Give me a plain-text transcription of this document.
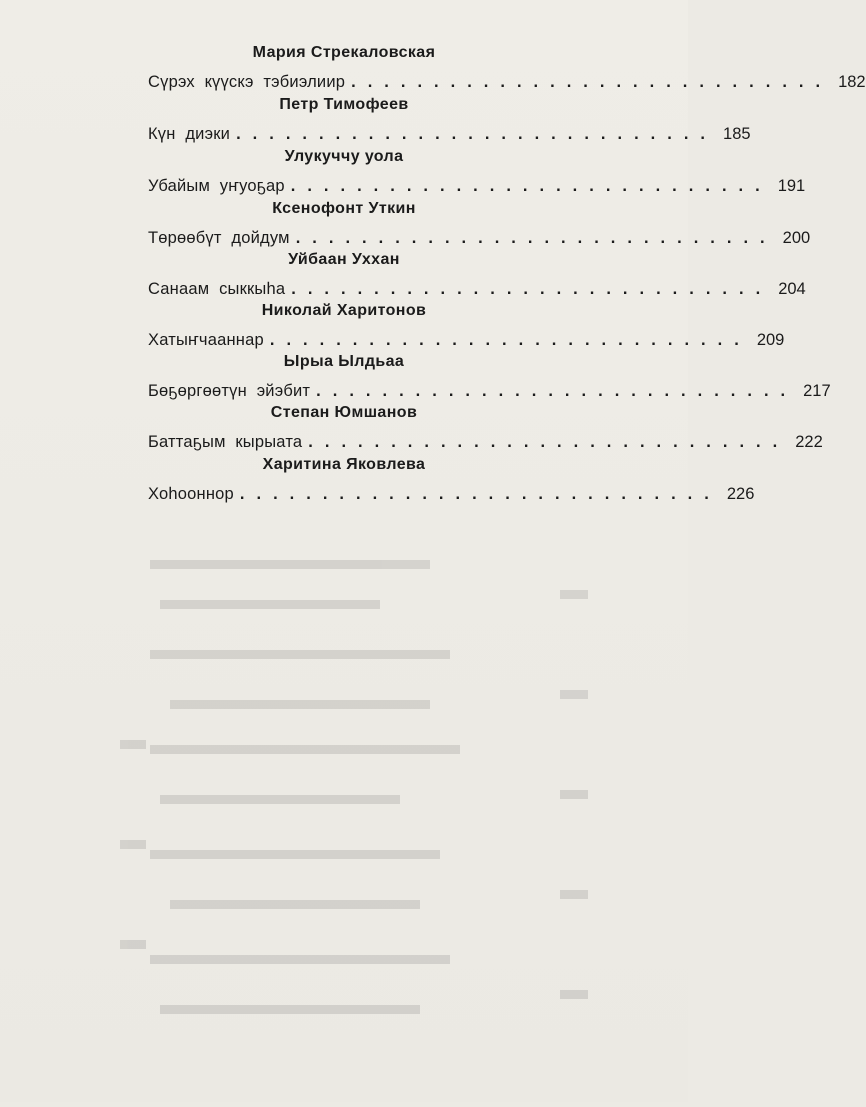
Мария Стрекаловская
Сүрэх күүскэ тэбиэлиир ............................. 182
Петр Тимофеев
Күн диэки ............................. 185
Улукуччу уола
Убайым уҥуоҕар ............................. 191
Ксенофонт Уткин
Төрөөбүт дойдум ............................. 200
Уйбаан Уххан
Санаам сыккыһа ............................. 204
Николай Харитонов
Хатыҥчааннар ............................. 209
Ырыа Ылдьаа
Бөҕөргөөтүн эйэбит ............................. 217
Степан Юмшанов
Баттаҕым кырыата ............................. 222
Харитина Яковлева
Хоһооннор ............................. 226
